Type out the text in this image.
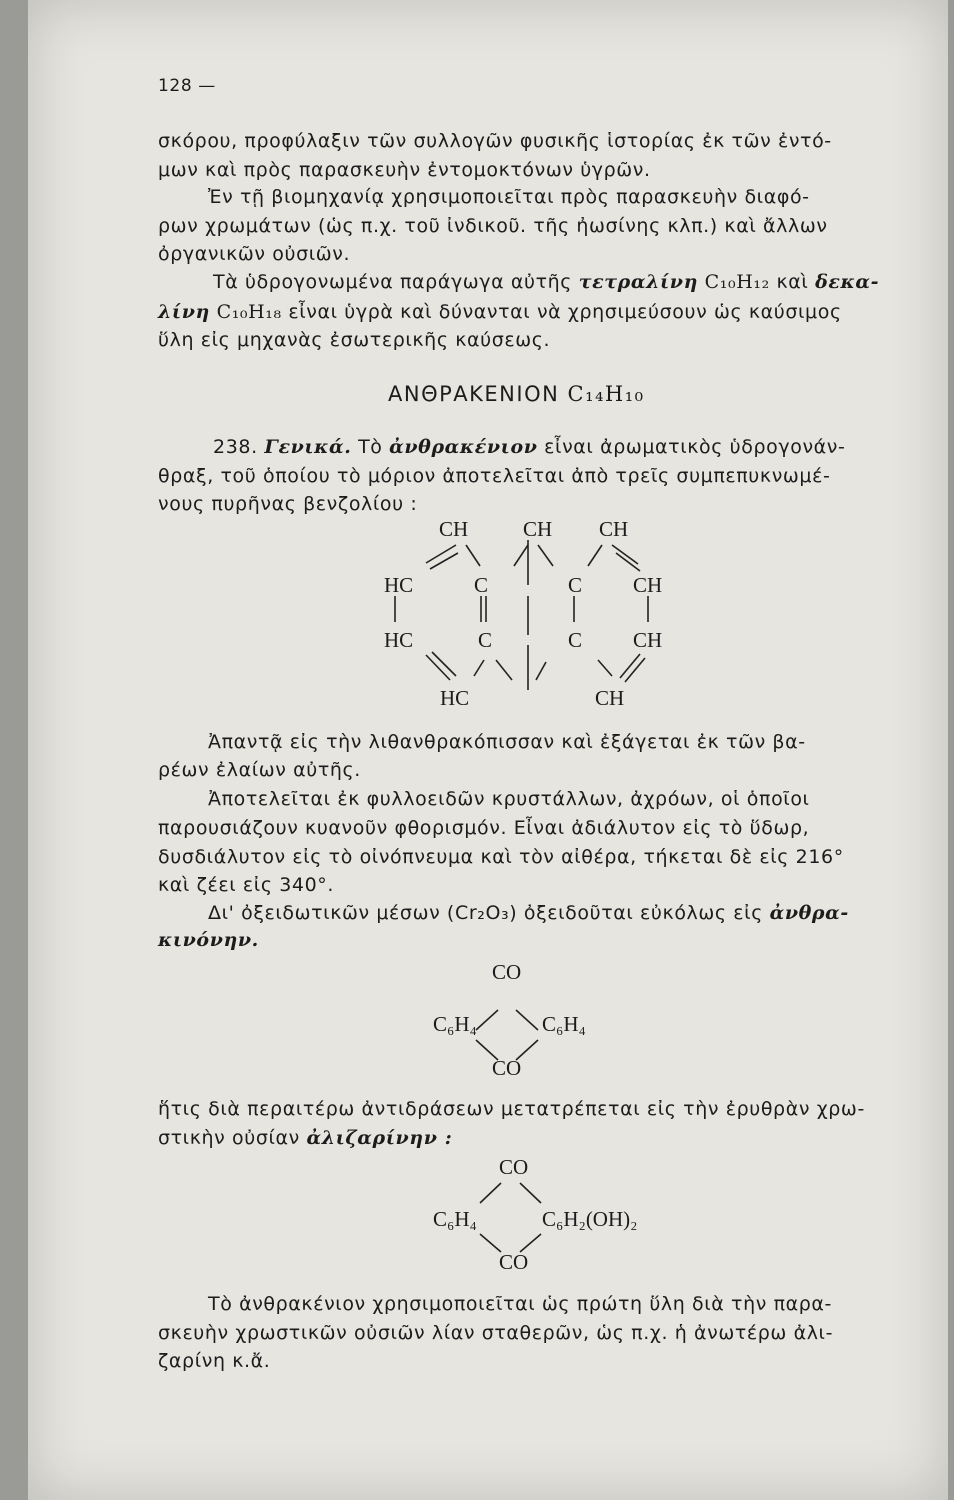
128 —
σκόρου, προφύλαξιν τῶν συλλογῶν φυσικῆς ἱστορίας ἐκ τῶν ἐντό-
μων καὶ πρὸς παρασκευὴν ἐντομοκτόνων ὑγρῶν.
Ἐν τῇ βιομηχανίᾳ χρησιμοποιεῖται πρὸς παρασκευὴν διαφό-
ρων χρωμάτων (ὡς π.χ. τοῦ ἰνδικοῦ. τῆς ἠωσίνης κλπ.) καὶ ἄλλων
ὀργανικῶν οὐσιῶν.
Τὰ ὑδρογονωμένα παράγωγα αὐτῆς τετραλίνη C₁₀H₁₂ καὶ δεκα-
λίνη C₁₀H₁₈ εἶναι ὑγρὰ καὶ δύνανται νὰ χρησιμεύσουν ὡς καύσιμος
ὕλη εἰς μηχανὰς ἐσωτερικῆς καύσεως.
ΑΝΘΡΑΚΕΝΙΟΝ C₁₄H₁₀
238. Γενικά. Τὸ ἀνθρακένιον εἶναι ἀρωματικὸς ὑδρογονάν-
θραξ, τοῦ ὁποίου τὸ μόριον ἀποτελεῖται ἀπὸ τρεῖς συμπεπυκνωμέ-
νους πυρῆνας βενζολίου :
CH	CH CH
HC	C	C CH
HC	C	C CH
HC	CH
Ἀπαντᾷ εἰς τὴν λιθανθρακόπισσαν καὶ ἐξάγεται ἐκ τῶν βα-
ρέων ἐλαίων αὐτῆς.
Ἀποτελεῖται ἐκ φυλλοειδῶν κρυστάλλων, ἀχρόων, οἱ ὁποῖοι
παρουσιάζουν κυανοῦν φθορισμόν. Εἶναι ἀδιάλυτον εἰς τὸ ὕδωρ,
δυσδιάλυτον εἰς τὸ οἰνόπνευμα καὶ τὸν αἰθέρα, τήκεται δὲ εἰς 216°
καὶ ζέει εἰς 340°.
Δι' ὀξειδωτικῶν μέσων (Cr₂O₃) ὀξειδοῦται εὐκόλως εἰς ἀνθρα-
κινόνην.
CO
C₆H₄	C₆H₄
CO
ἥτις διὰ περαιτέρω ἀντιδράσεων μετατρέπεται εἰς τὴν ἐρυθρὰν χρω-
στικὴν οὐσίαν ἀλιζαρίνην :
CO
C₆H₄	C₆H₂(OH)₂
CO
Τὸ ἀνθρακένιον χρησιμοποιεῖται ὡς πρώτη ὕλη διὰ τὴν παρα-
σκευὴν χρωστικῶν οὐσιῶν λίαν σταθερῶν, ὡς π.χ. ἡ ἀνωτέρω ἀλι-
ζαρίνη κ.ἄ.
